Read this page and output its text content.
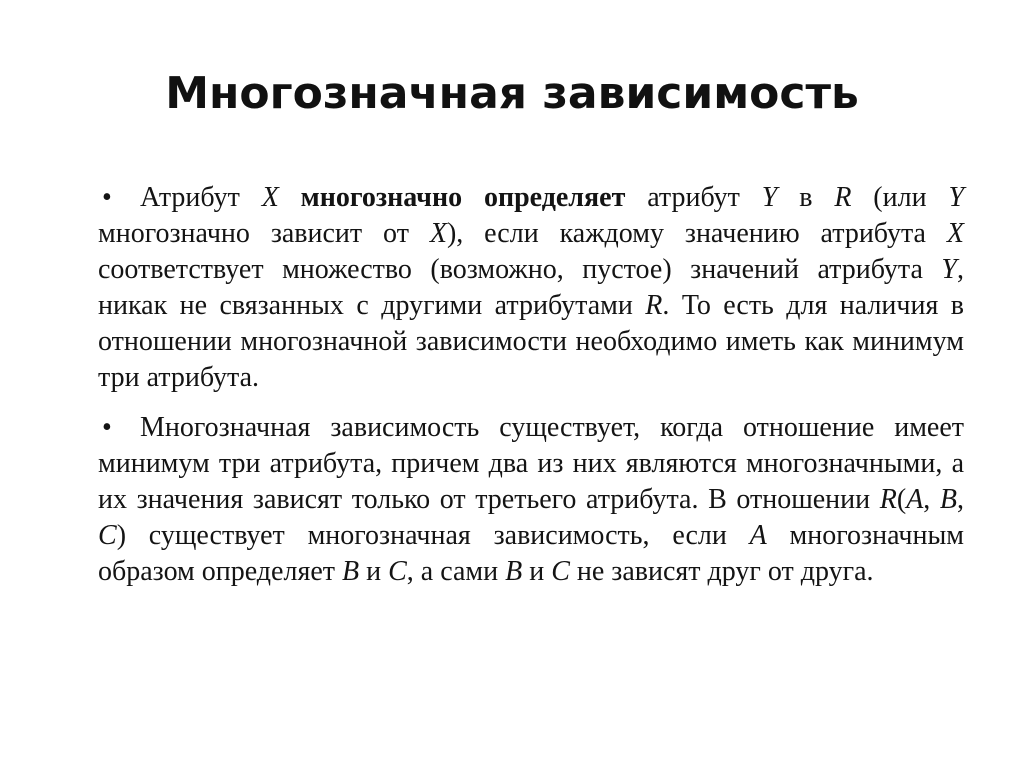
Многозначная зависимость

• Атрибут X многозначно определяет атрибут Y в R (или Y многозначно зависит от X), если каждому значению атрибута X соответствует множество (возможно, пустое) значений атрибута Y, никак не связанных с другими атрибутами R. То есть для наличия в отношении многозначной зависимости необходимо иметь как минимум три атрибута.

• Многозначная зависимость существует, когда отношение имеет минимум три атрибута, причем два из них являются многозначными, а их значения зависят только от третьего атрибута. В отношении R(A, B, C) существует многозначная зависимость, если A многозначным образом определяет B и C, а сами B и C не зависят друг от друга.
